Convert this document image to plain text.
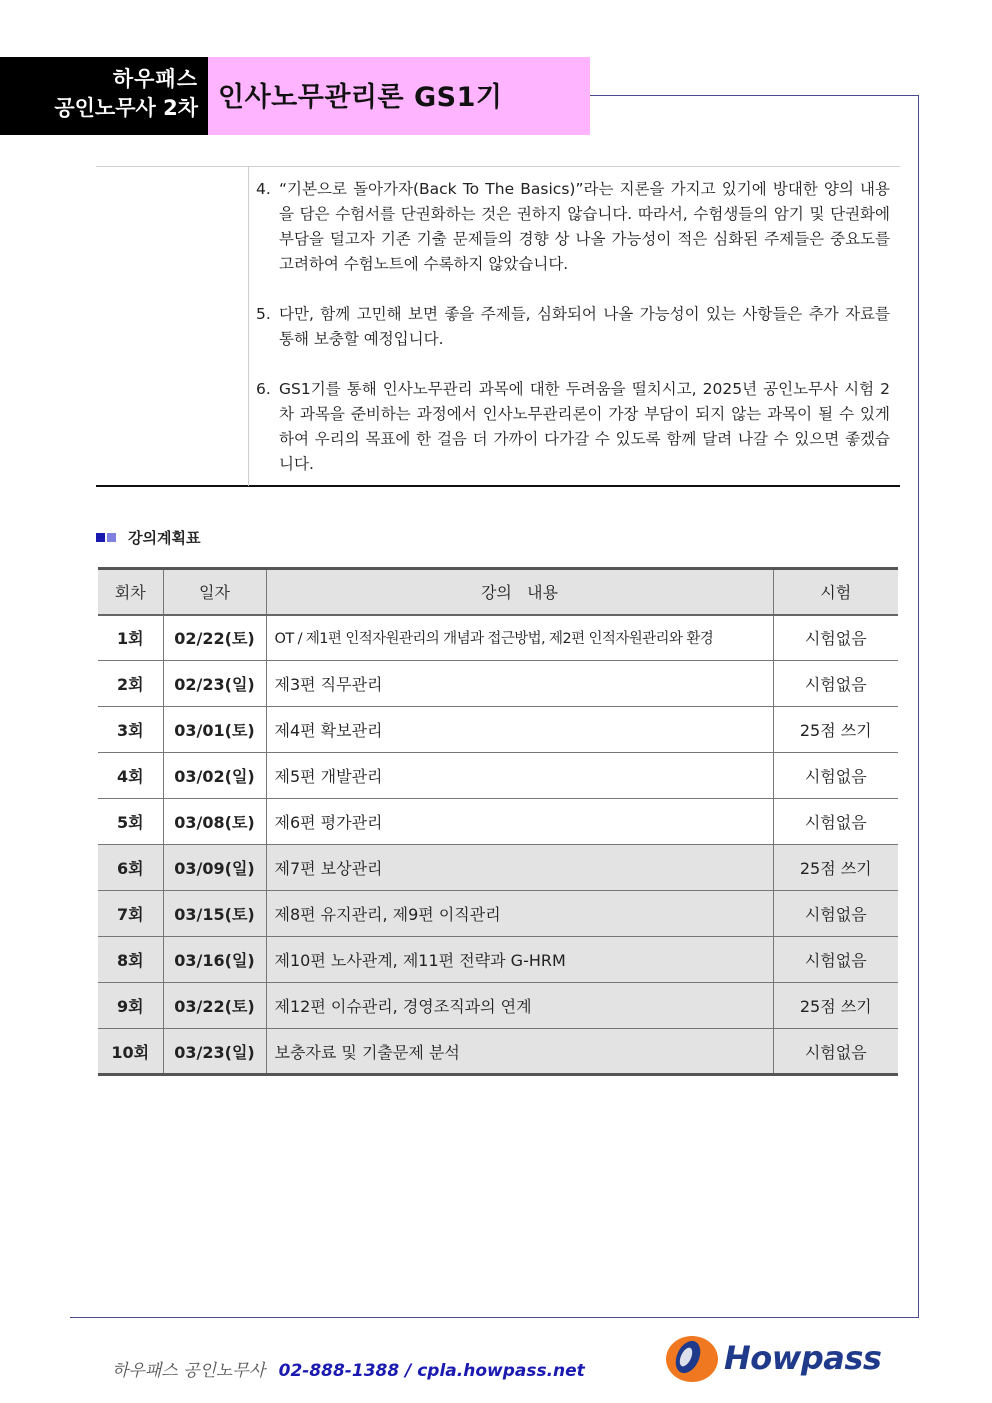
하우패스
공인노무사 2차 인사노무관리론 GS1기
4. “기본으로 돌아가자(Back To The Basics)”라는 지론을 가지고 있기에 방대한 양의 내용을 담은 수험서를 단권화하는 것은 권하지 않습니다. 따라서, 수험생들의 암기 및 단권화에 부담을 덜고자 기존 기출 문제들의 경향 상 나올 가능성이 적은 심화된 주제들은 중요도를 고려하여 수험노트에 수록하지 않았습니다.
5. 다만, 함께 고민해 보면 좋을 주제들, 심화되어 나올 가능성이 있는 사항들은 추가 자료를 통해 보충할 예정입니다.
6. GS1기를 통해 인사노무관리 과목에 대한 두려움을 떨치시고, 2025년 공인노무사 시험 2차 과목을 준비하는 과정에서 인사노무관리론이 가장 부담이 되지 않는 과목이 될 수 있게 하여 우리의 목표에 한 걸음 더 가까이 다가갈 수 있도록 함께 달려 나갈 수 있으면 좋겠습니다.
강의계획표
회차	일자	강의   내용	시험
1회	02/22(토)	OT / 제1편 인적자원관리의 개념과 접근방법, 제2편 인적자원관리와 환경	시험없음
2회	02/23(일)	제3편 직무관리	시험없음
3회	03/01(토)	제4편 확보관리	25점 쓰기
4회	03/02(일)	제5편 개발관리	시험없음
5회	03/08(토)	제6편 평가관리	시험없음
6회	03/09(일)	제7편 보상관리	25점 쓰기
7회	03/15(토)	제8편 유지관리, 제9편 이직관리	시험없음
8회	03/16(일)	제10편 노사관계, 제11편 전략과 G-HRM	시험없음
9회	03/22(토)	제12편 이슈관리, 경영조직과의 연계	25점 쓰기
10회	03/23(일)	보충자료 및 기출문제 분석	시험없음
하우패스 공인노무사 02-888-1388 / cpla.howpass.net	Howpass
